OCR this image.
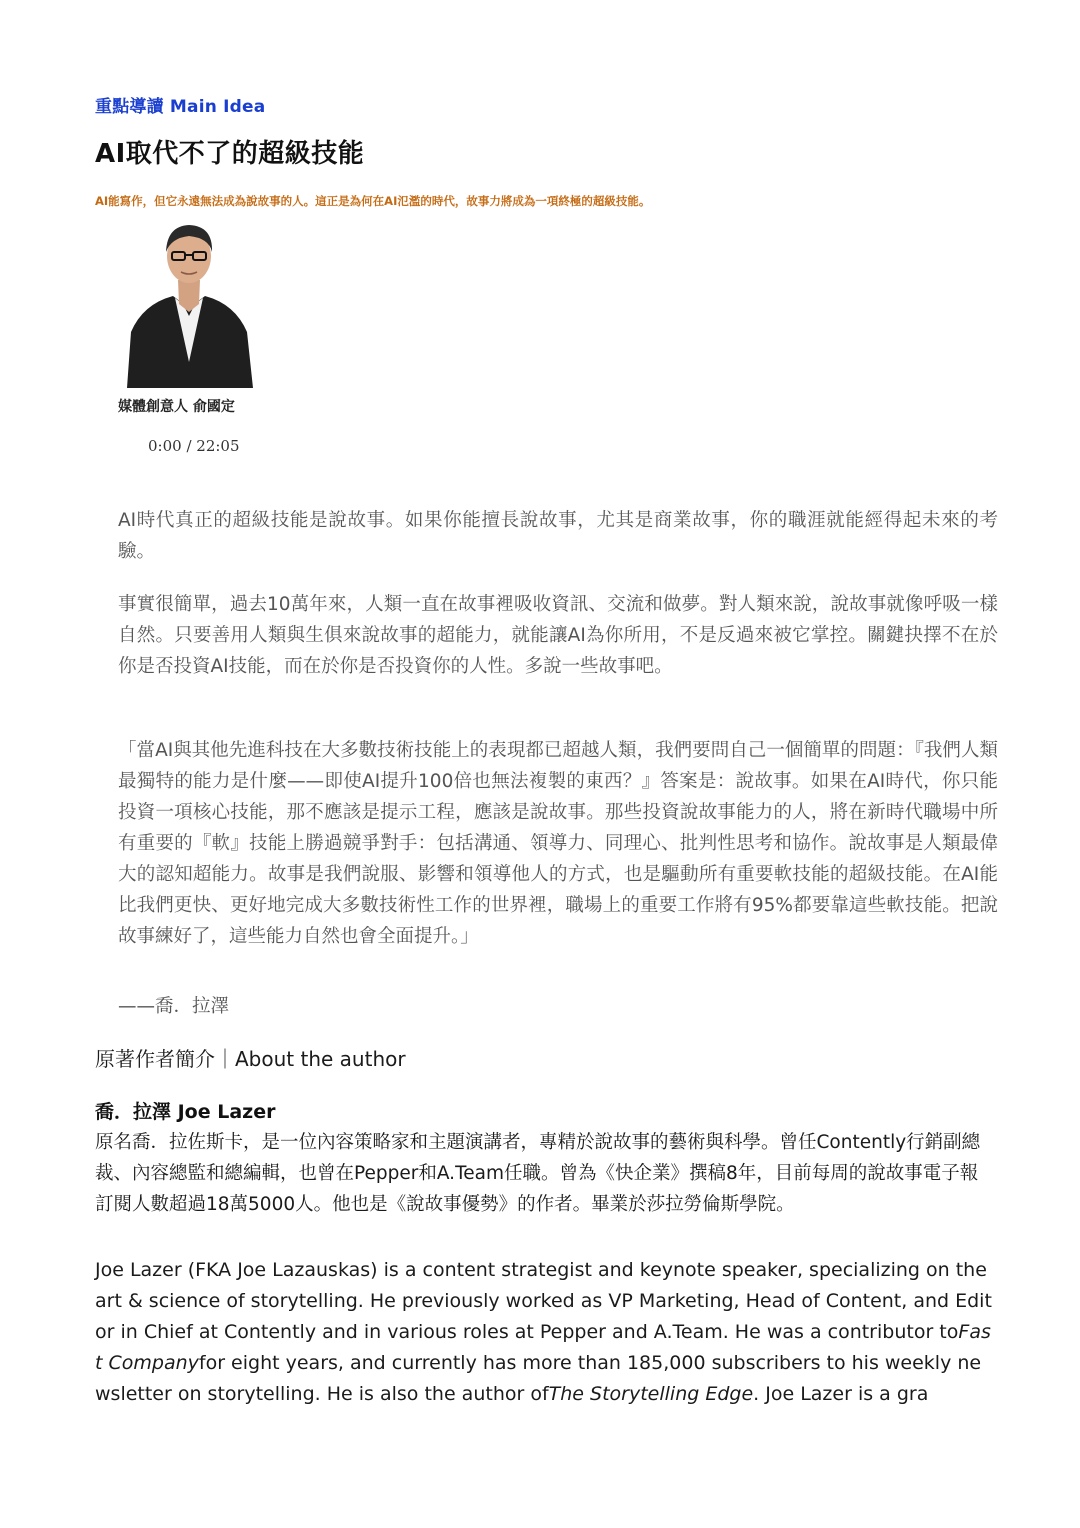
重點導讀 Main Idea
AI取代不了的超級技能
AI能寫作，但它永遠無法成為說故事的人。這正是為何在AI氾濫的時代，故事力將成為一項終極的超級技能。
媒體創意人 俞國定
0:00 / 22:05
AI時代真正的超級技能是說故事。如果你能擅長說故事，尤其是商業故事，你的職涯就能經得起未來的考驗。
事實很簡單，過去10萬年來，人類一直在故事裡吸收資訊、交流和做夢。對人類來說，說故事就像呼吸一樣自然。只要善用人類與生俱來說故事的超能力，就能讓AI為你所用，不是反過來被它掌控。關鍵抉擇不在於你是否投資AI技能，而在於你是否投資你的人性。多說一些故事吧。
「當AI與其他先進科技在大多數技術技能上的表現都已超越人類，我們要問自己一個簡單的問題：『我們人類最獨特的能力是什麼——即使AI提升100倍也無法複製的東西？』答案是：說故事。如果在AI時代，你只能投資一項核心技能，那不應該是提示工程，應該是說故事。那些投資說故事能力的人，將在新時代職場中所有重要的『軟』技能上勝過競爭對手：包括溝通、領導力、同理心、批判性思考和協作。說故事是人類最偉大的認知超能力。故事是我們說服、影響和領導他人的方式，也是驅動所有重要軟技能的超級技能。在AI能比我們更快、更好地完成大多數技術性工作的世界裡，職場上的重要工作將有95%都要靠這些軟技能。把說故事練好了，這些能力自然也會全面提升。」
——喬．拉澤
原著作者簡介｜About the author
喬．拉澤 Joe Lazer
原名喬．拉佐斯卡，是一位內容策略家和主題演講者，專精於說故事的藝術與科學。曾任Contently行銷副總裁、內容總監和總編輯，也曾在Pepper和A.Team任職。曾為《快企業》撰稿8年，目前每周的說故事電子報訂閱人數超過18萬5000人。他也是《說故事優勢》的作者。畢業於莎拉勞倫斯學院。
Joe Lazer (FKA Joe Lazauskas) is a content strategist and keynote speaker, specializing on the art & science of storytelling. He previously worked as VP Marketing, Head of Content, and Editor in Chief at Contently and in various roles at Pepper and A.Team. He was a contributor toFast Companyfor eight years, and currently has more than 185,000 subscribers to his weekly newsletter on storytelling. He is also the author ofThe Storytelling Edge. Joe Lazer is a gra
